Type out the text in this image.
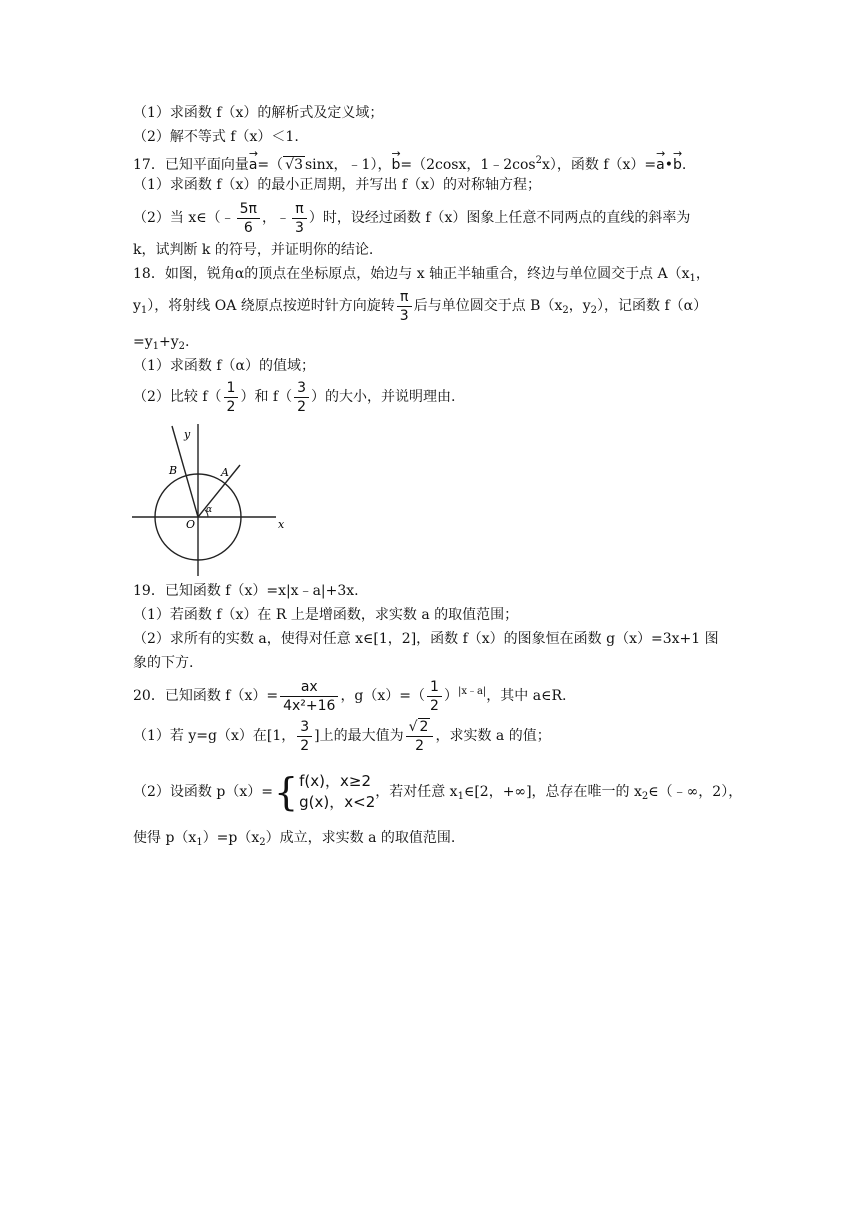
（1）求函数 f（x）的解析式及定义域；
（2）解不等式 f（x）＜1.
17．已知平面向量→ a=（ √3 sinx，﹣1），→ b=（2cosx，$1﹣2\cos^2x$），函数 f（x）=→ a•→ b.
（1）求函数 f（x）的最小正周期，并写出 f（x）的对称轴方程；
（2）当 x∈（﹣ $\frac{5\pi}{6}$ ，﹣ $\frac{\pi}{3}$ ）时，设经过函数 f（x）图象上任意不同两点的直线的斜率为
k，试判断 k 的符号，并证明你的结论.
18．如图，锐角α的顶点在坐标原点，始边与 x 轴正半轴重合，终边与单位圆交于点 $A(x_1$，
$y_1$），将射线 OA 绕原点按逆时针方向旋转 $\frac{\pi}{3}$ 后与单位圆交于点 $B(x_2$，$y_2$），记函数 f（α）
$=y_1+y_2$.
（1）求函数 f（α）的值域；
（2）比较 $f( \frac{1}{2}$ ）和 $f( \frac{3}{2}$ ）的大小，并说明理由.
y
x
O
A
B
α
19．已知函数 f（x）=x|x﹣a|+3x.
（1）若函数 f（x）在 R 上是增函数，求实数 a 的取值范围；
（2）求所有的实数 a，使得对任意 x∈[1，2]，函数 f（x）的图象恒在函数 g（x）=3x+1 图
象的下方.
20．已知函数 $f(x)= \frac{ax}{\text{4x²+16}}$ ，$g(x)=( \frac{1}{2} )^{|x﹣a|}$，其中 a∈R.
（1）若 y=g（x）在[1， $\frac{3}{2}$ ]上的最大值为 $\frac{√ 2}{2}$ ，求实数 a 的值；
（2）设函数 p（x）={ f(x)，x≥2
g(x)，x<2
，若对任意 $x_1\in[2$，+∞]，总存在唯一的 $x_2\in(﹣\infty$，2），
使得 $p(x_1)=p(x_2)$成立，求实数 a 的取值范围.
